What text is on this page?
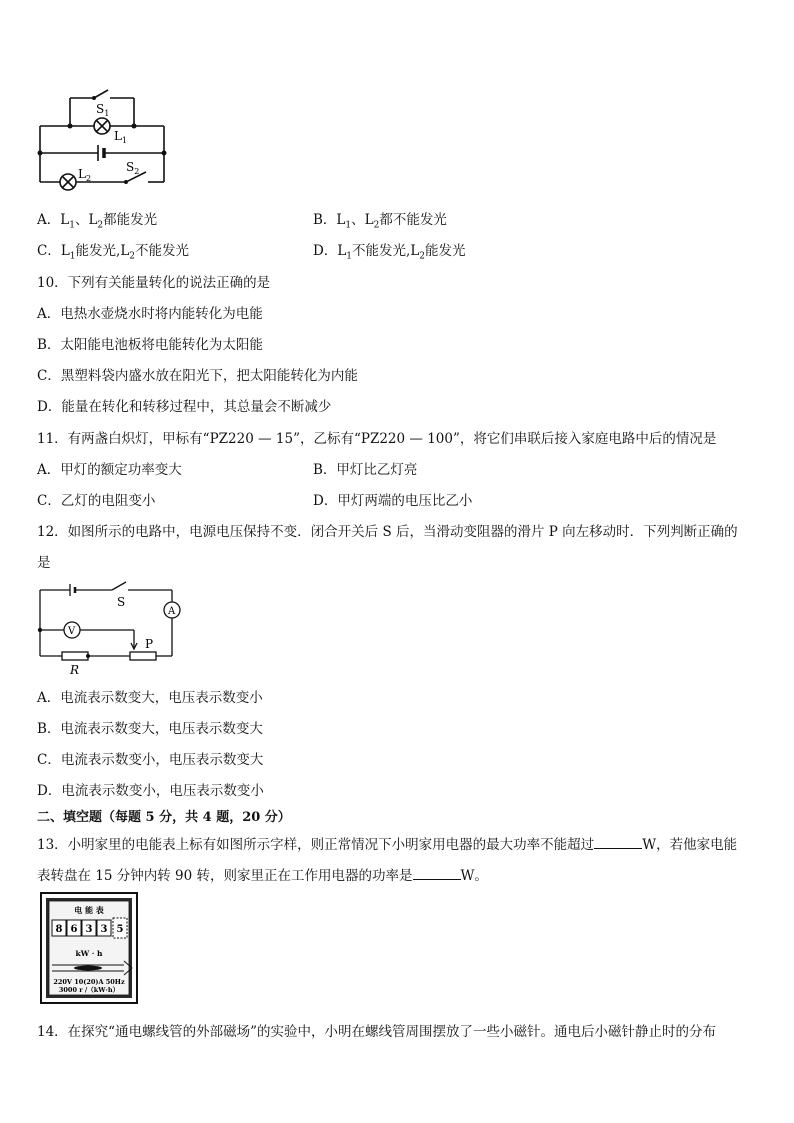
$S_1$
$L_1$
$L_2$
$S_2$
A．$L_1$、$L_2$都能发光	B．$L_1$、$L_2$都不能发光
C．$L_1$能发光$,L_2$不能发光	D．$L_1$不能发光$,L_2$能发光
10．下列有关能量转化的说法正确的是
A．电热水壶烧水时将内能转化为电能
B．太阳能电池板将电能转化为太阳能
C．黑塑料袋内盛水放在阳光下，把太阳能转化为内能
D．能量在转化和转移过程中，其总量会不断减少
11．有两盏白炽灯，甲标有“PZ220 — 15”，乙标有“PZ220 — 100”，将它们串联后接入家庭电路中后的情况是
A．甲灯的额定功率变大	B．甲灯比乙灯亮
C．乙灯的电阻变小	D．甲灯两端的电压比乙小
12．如图所示的电路中，电源电压保持不变．闭合开关后 S 后，当滑动变阻器的滑片 P 向左移动时．下列判断正确的
是
S
A
V
P
R
A．电流表示数变大，电压表示数变小
B．电流表示数变大，电压表示数变大
C．电流表示数变小，电压表示数变大
D．电流表示数变小，电压表示数变小
二、填空题（每题 5 分，共 4 题，20 分）
13．小明家里的电能表上标有如图所示字样，则正常情况下小明家用电器的最大功率不能超过	W，若他家电能
表转盘在 15 分钟内转 90 转，则家里正在工作用电器的功率是	W。
电 能 表
8 6 3 3 5
kW · h
220V 10(20)A 50Hz
3000 r /（kW·h）
14．在探究“通电螺线管的外部磁场”的实验中，小明在螺线管周围摆放了一些小磁针。通电后小磁针静止时的分布
